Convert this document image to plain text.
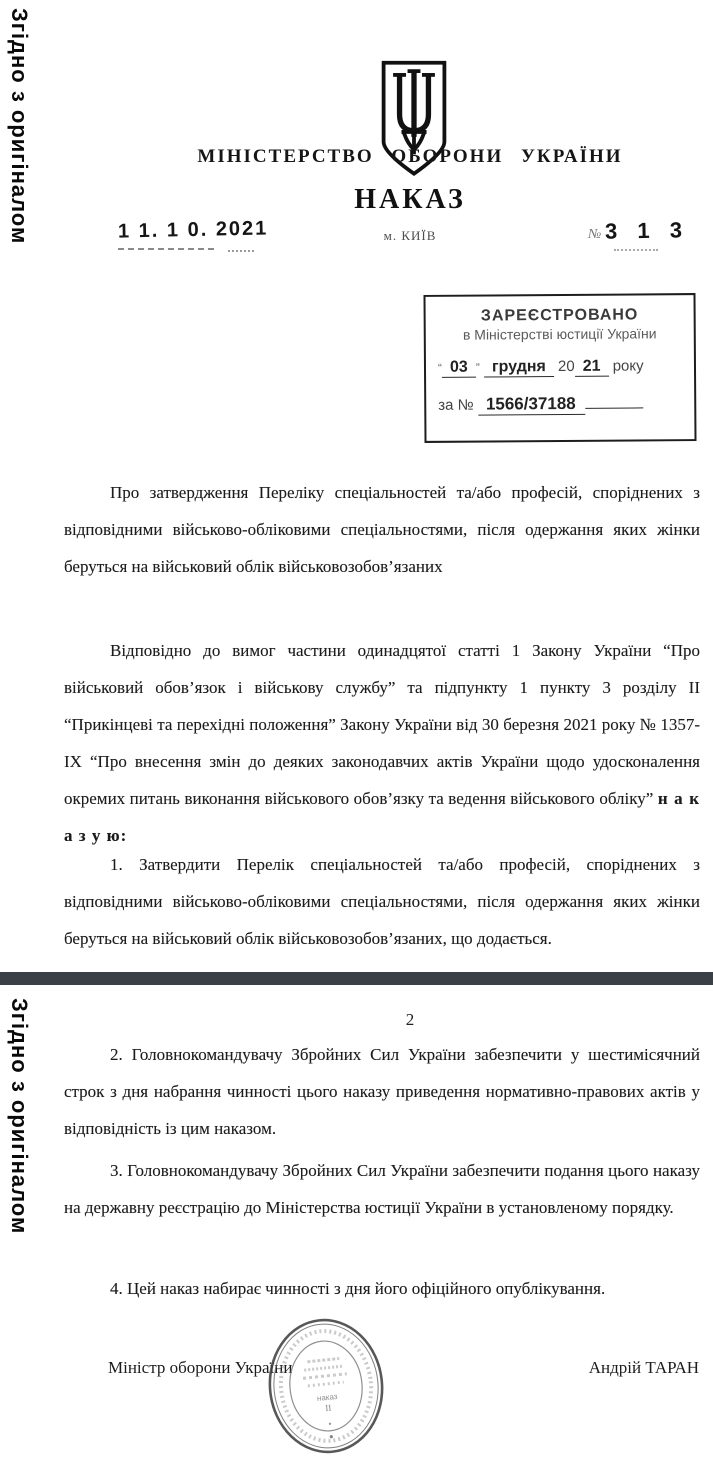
Згідно з оригіналом
Згідно з оригіналом
МІНІСТЕРСТВО ОБОРОНИ УКРАЇНИ
НАКАЗ
1 1. 1 0. 2021	м. КИЇВ	№ 3 1 3
ЗАРЕЄСТРОВАНО
в Міністерстві юстиції України
“ 03 ” грудня 20 21 року
за № 1566/37188

Про затвердження Переліку спеціальностей та/або професій, споріднених з відповідними військово-обліковими спеціальностями, після одержання яких жінки беруться на військовий облік військовозобов’язаних

Відповідно до вимог частини одинадцятої статті 1 Закону України “Про військовий обов’язок і військову службу” та підпункту 1 пункту 3 розділу ІІ “Прикінцеві та перехідні положення” Закону України від 30 березня 2021 року № 1357-ІХ “Про внесення змін до деяких законодавчих актів України щодо удосконалення окремих питань виконання військового обов’язку та ведення військового обліку” н а к а з у ю:

1. Затвердити Перелік спеціальностей та/або професій, споріднених з відповідними військово-обліковими спеціальностями, після одержання яких жінки беруться на військовий облік військовозобов’язаних, що додається.

2

2. Головнокомандувачу Збройних Сил України забезпечити у шестимісячний строк з дня набрання чинності цього наказу приведення нормативно-правових актів у відповідність із цим наказом.

3. Головнокомандувачу Збройних Сил України забезпечити подання цього наказу на державну реєстрацію до Міністерства юстиції України в установленому порядку.

4. Цей наказ набирає чинності з дня його офіційного опублікування.

Міністр оборони України	Андрій ТАРАН
наказ
ІІ
